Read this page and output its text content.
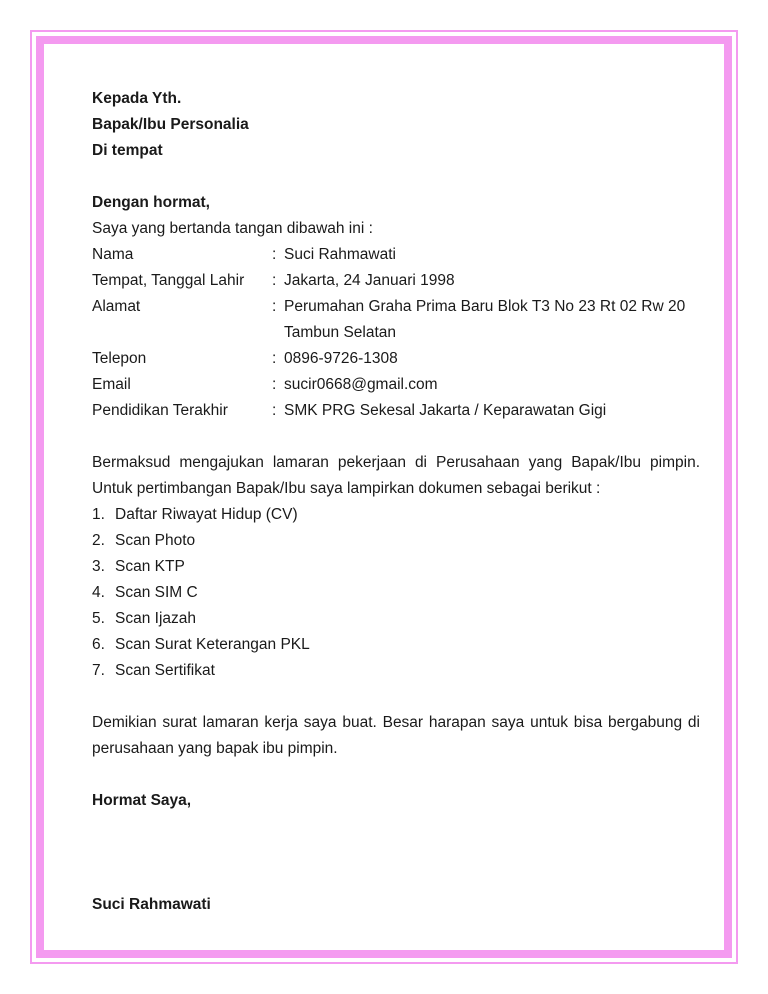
Kepada Yth.
Bapak/Ibu Personalia
Di tempat
Dengan hormat,
Saya yang bertanda tangan dibawah ini :
Nama	: Suci Rahmawati
Tempat, Tanggal Lahir	: Jakarta, 24 Januari 1998
Alamat	: Perumahan Graha Prima Baru Blok T3 No 23 Rt 02 Rw 20 Tambun Selatan
Telepon	: 0896-9726-1308
Email	: sucir0668@gmail.com
Pendidikan Terakhir	: SMK PRG Sekesal Jakarta / Keparawatan Gigi
Bermaksud mengajukan lamaran pekerjaan di Perusahaan yang Bapak/Ibu pimpin. Untuk pertimbangan Bapak/Ibu saya lampirkan dokumen sebagai berikut :
1. Daftar Riwayat Hidup (CV)
2. Scan Photo
3. Scan KTP
4. Scan SIM C
5. Scan Ijazah
6. Scan Surat Keterangan PKL
7. Scan Sertifikat
Demikian surat lamaran kerja saya buat. Besar harapan saya untuk bisa bergabung di perusahaan yang bapak ibu pimpin.
Hormat Saya,
Suci Rahmawati
